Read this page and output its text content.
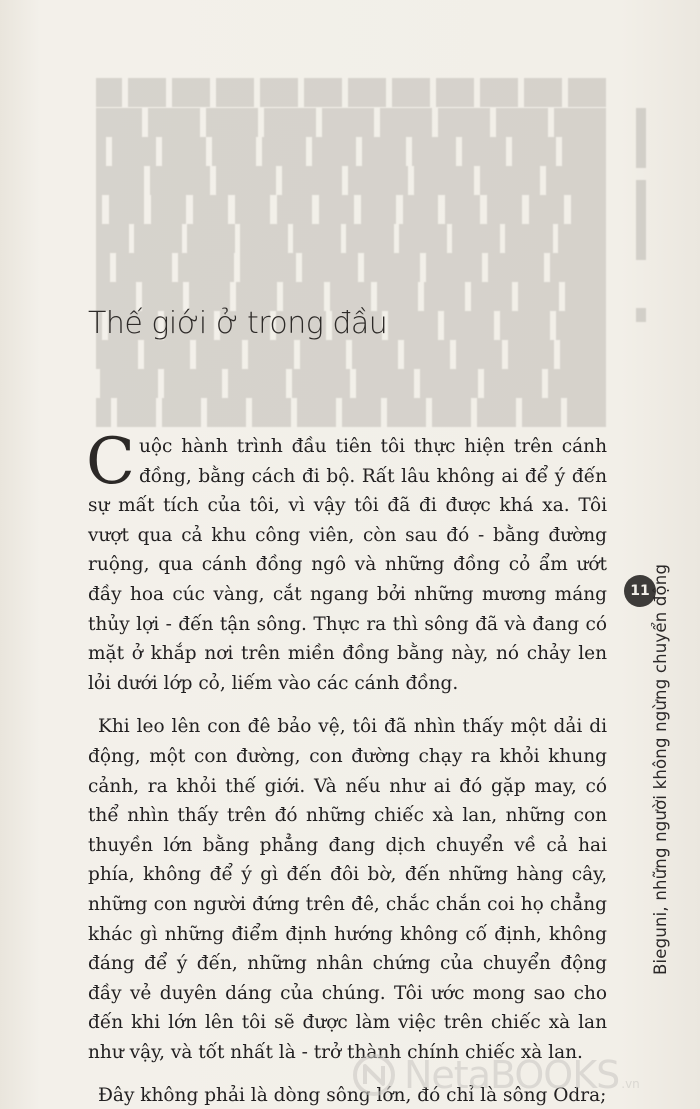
Thế giới ở trong đầu

Cuộc hành trình đầu tiên tôi thực hiện trên cánh đồng, bằng cách đi bộ. Rất lâu không ai để ý đến sự mất tích của tôi, vì vậy tôi đã đi được khá xa. Tôi vượt qua cả khu công viên, còn sau đó - bằng đường ruộng, qua cánh đồng ngô và những đồng cỏ ẩm ướt đầy hoa cúc vàng, cắt ngang bởi những mương máng thủy lợi - đến tận sông. Thực ra thì sông đã và đang có mặt ở khắp nơi trên miền đồng bằng này, nó chảy len lỏi dưới lớp cỏ, liếm vào các cánh đồng.

Khi leo lên con đê bảo vệ, tôi đã nhìn thấy một dải di động, một con đường, con đường chạy ra khỏi khung cảnh, ra khỏi thế giới. Và nếu như ai đó gặp may, có thể nhìn thấy trên đó những chiếc xà lan, những con thuyền lớn bằng phẳng đang dịch chuyển về cả hai phía, không để ý gì đến đôi bờ, đến những hàng cây, những con người đứng trên đê, chắc chắn coi họ chẳng khác gì những điểm định hướng không cố định, không đáng để ý đến, những nhân chứng của chuyển động đầy vẻ duyên dáng của chúng. Tôi ước mong sao cho đến khi lớn lên tôi sẽ được làm việc trên chiếc xà lan như vậy, và tốt nhất là - trở thành chính chiếc xà lan.

Đây không phải là dòng sông lớn, đó chỉ là sông Odra;

11 Bieguni, những người không ngừng chuyển động
NetaBOOKS .vn
